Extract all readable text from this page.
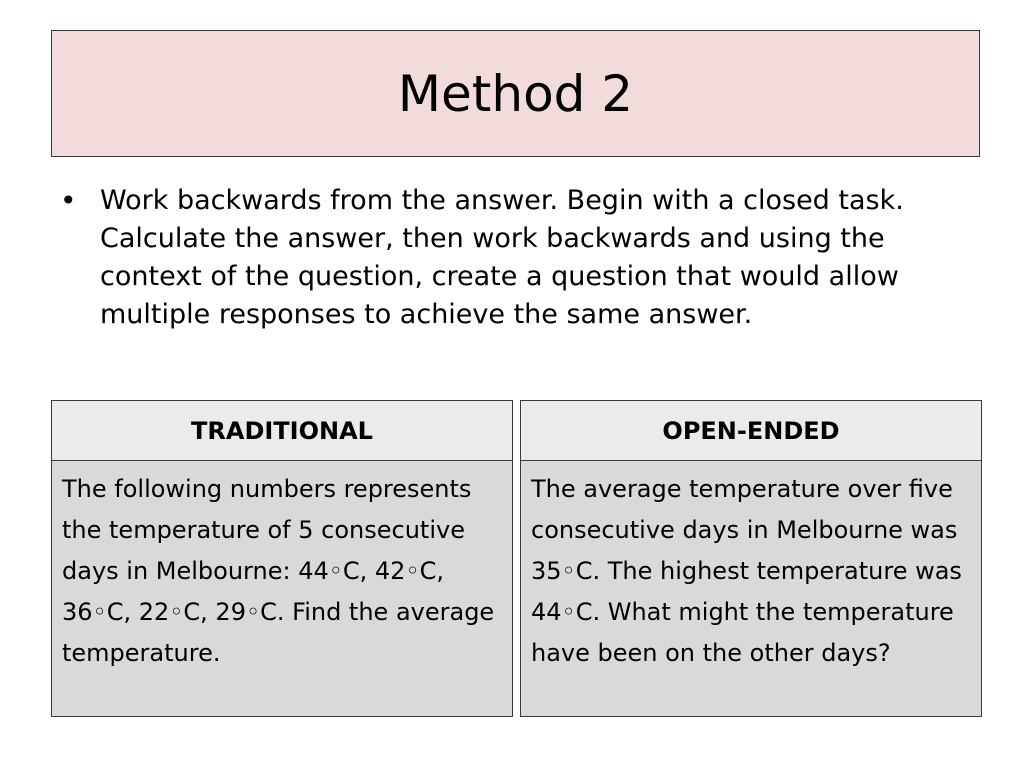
Method 2
• Work backwards from the answer. Begin with a closed task. Calculate the answer, then work backwards and using the context of the question, create a question that would allow multiple responses to achieve the same answer.
TRADITIONAL
The following numbers represents the temperature of 5 consecutive days in Melbourne: 44◦C, 42◦C, 36◦C, 22◦C, 29◦C. Find the average temperature.
OPEN-ENDED
The average temperature over five consecutive days in Melbourne was 35◦C. The highest temperature was 44◦C. What might the temperature have been on the other days?
